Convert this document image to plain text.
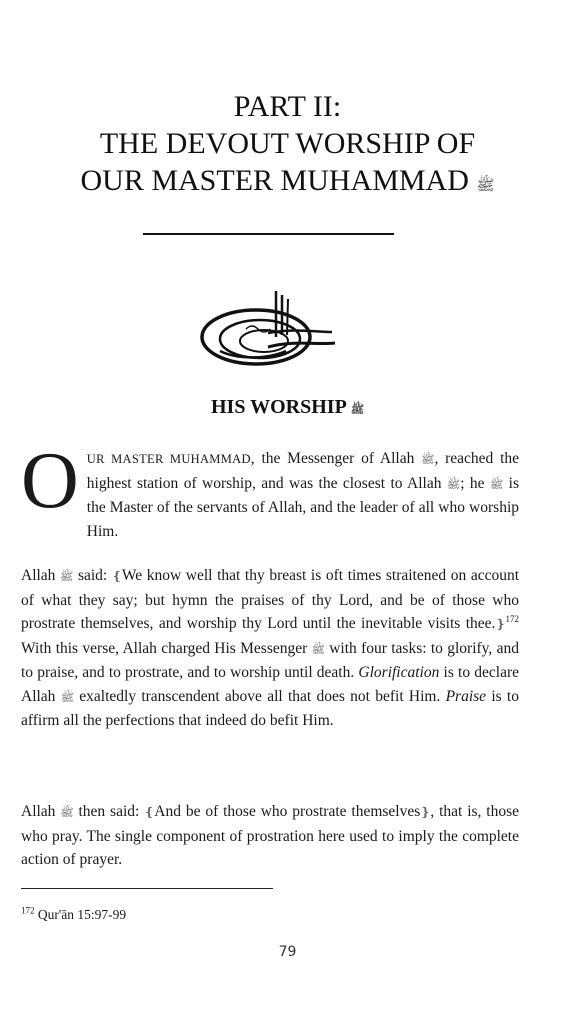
PART II:
THE DEVOUT WORSHIP OF
OUR MASTER MUHAMMAD ﷺ
HIS WORSHIP ﷺ
O UR MASTER MUHAMMAD, the Messenger of Allah ﷺ, reached the highest station of worship, and was the closest to Allah ﷺ; he ﷺ is the Master of the servants of Allah, and the leader of all who worship Him.
Allah ﷺ said: ❴We know well that thy breast is oft times straitened on account of what they say; but hymn the praises of thy Lord, and be of those who prostrate themselves, and worship thy Lord until the inevitable visits thee.❵$^{172}$ With this verse, Allah charged His Messenger ﷺ with four tasks: to glorify, and to praise, and to prostrate, and to worship until death. Glorification is to declare Allah ﷺ exaltedly transcendent above all that does not befit Him. Praise is to affirm all the perfections that indeed do befit Him.
Allah ﷺ then said: ❴And be of those who prostrate themselves❵, that is, those who pray. The single component of prostration here used to imply the complete action of prayer.
$^{172}$ Qur'ān 15:97-99
79
